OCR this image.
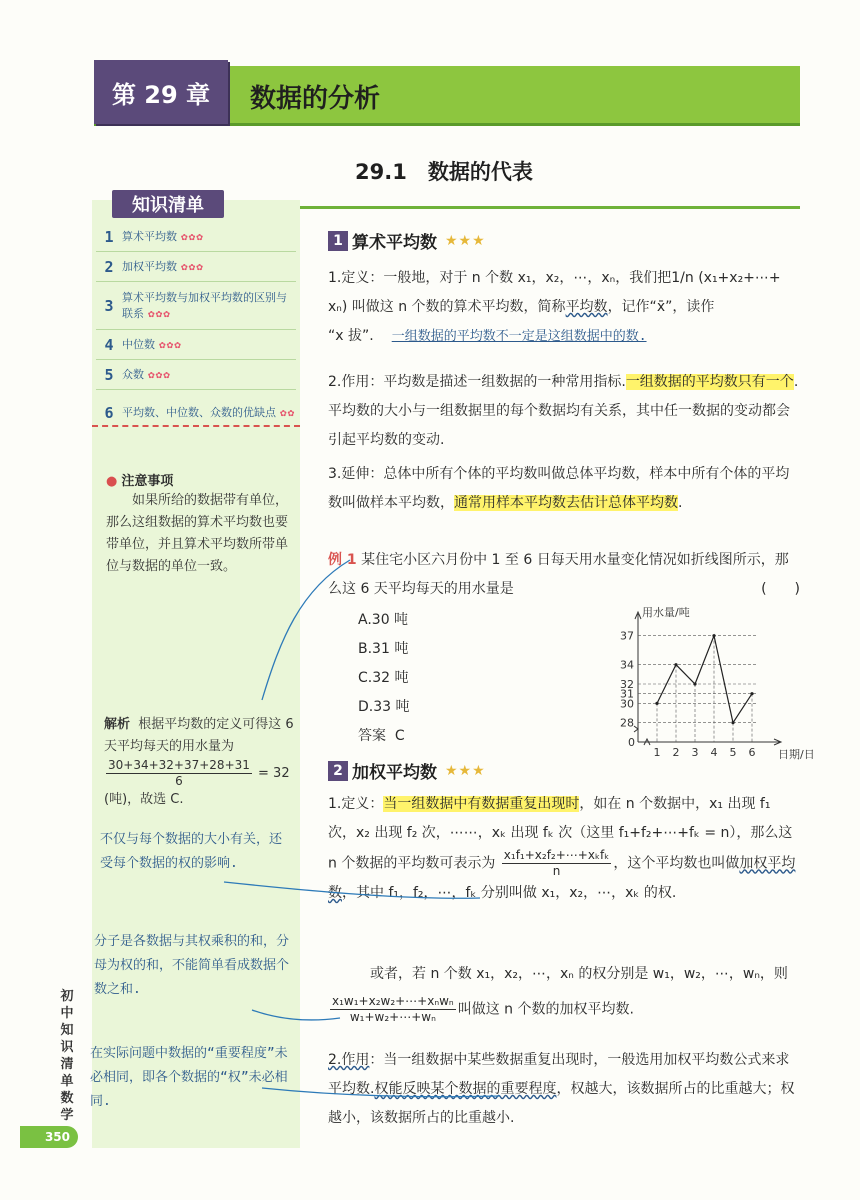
第 29 章	数据的分析
29.1　数据的代表
知识清单
1 算术平均数 ✿✿✿
2 加权平均数 ✿✿✿
3 算术平均数与加权平均数的区别与联系 ✿✿✿
4 中位数 ✿✿✿
5 众数 ✿✿✿
6 平均数、中位数、众数的优缺点 ✿✿
● 注意事项
如果所给的数据带有单位，那么这组数据的算术平均数也要带单位，并且算术平均数所带单位与数据的单位一致。
解析 根据平均数的定义可得这 6 天平均每天的用水量为
$\frac{30+34+32+37+28+31}{6} = 32$
(吨)，故选 C.
不仅与每个数据的大小有关，还受每个数据的权的影响.
分子是各数据与其权乘积的和，分母为权的和，不能简单看成数据个数之和.
在实际问题中数据的“重要程度”未必相同，即各个数据的“权”未必相同.
初中知识清单　数学
350
1 算术平均数 ★★★
1.定义：一般地，对于 n 个数 x₁，x₂，⋯，xₙ，我们把1/n (x₁+x₂+⋯+
xₙ) 叫做这 n 个数的算术平均数，简称平均数，记作“x̄”，读作
“x 拔”. 一组数据的平均数不一定是这组数据中的数.
2.作用：平均数是描述一组数据的一种常用指标.一组数据的平均数只有一个.平均数的大小与一组数据里的每个数据均有关系，其中任一数据的变动都会引起平均数的变动.
3.延伸：总体中所有个体的平均数叫做总体平均数，样本中所有个体的平均数叫做样本平均数，通常用样本平均数去估计总体平均数.
例 1 某住宅小区六月份中 1 至 6 日每天用水量变化情况如折线图所示，那么这 6 天平均每天的用水量是	(　　)
A.30 吨
B.31 吨
C.32 吨
D.33 吨
答案 C
用水量/吨
日期/日
0
28
30
31
32
34
37
1 2 3 4 5 6
2 加权平均数 ★★★
1.定义：当一组数据中有数据重复出现时，如在 n 个数据中，x₁ 出现 f₁ 次，x₂ 出现 f₂ 次，⋯⋯，xₖ 出现 fₖ 次（这里 f₁+f₂+⋯+fₖ = n），那么这 n 个数据的平均数可表示为 $\frac{\text{x₁f₁+x₂f₂+⋯+xₖfₖ}}{n}$ ，这个平均数也叫做加权平均数，其中 f₁，f₂，⋯，fₖ 分别叫做 x₁，x₂，⋯，xₖ 的权.
或者，若 n 个数 x₁，x₂，⋯，xₙ 的权分别是 w₁，w₂，⋯，wₙ，则
$\frac{\text{x₁w₁+x₂w₂+⋯+xₙwₙ}}{\text{w₁+w₂+⋯+wₙ}}$ 叫做这 n 个数的加权平均数.
2.作用：当一组数据中某些数据重复出现时，一般选用加权平均数公式来求平均数.权能反映某个数据的重要程度，权越大，该数据所占的比重越大；权越小，该数据所占的比重越小.
